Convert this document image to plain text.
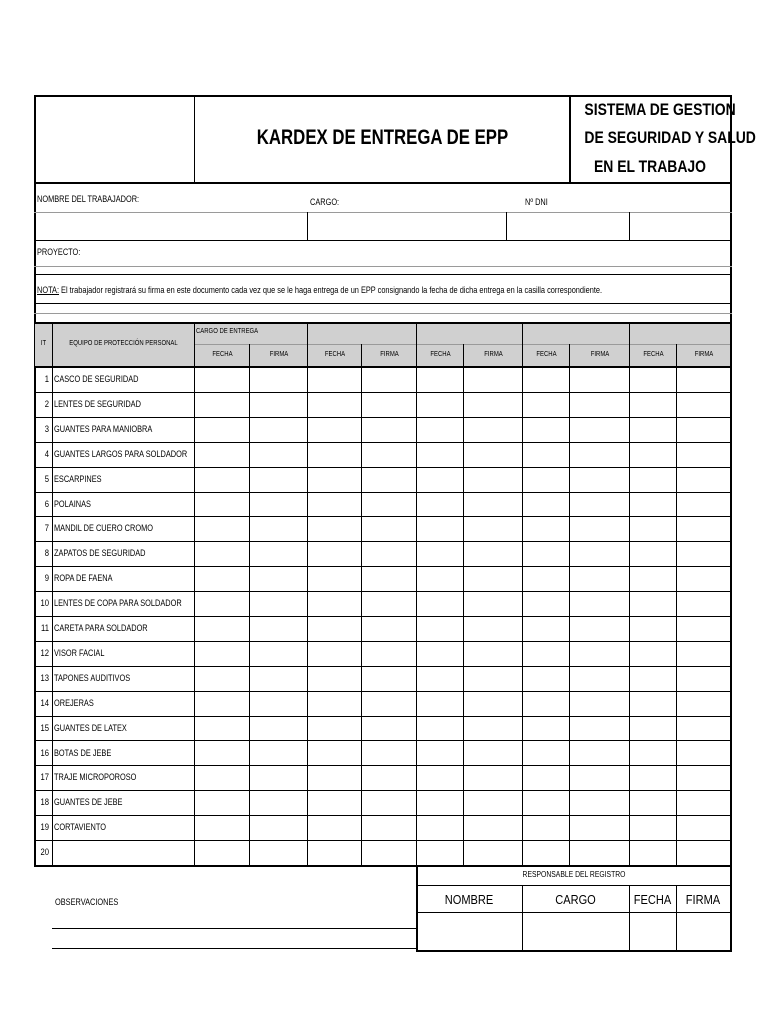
KARDEX DE ENTREGA DE EPP
SISTEMA DE GESTION
DE SEGURIDAD Y SALUD
EN EL TRABAJO
NOMBRE DEL TRABAJADOR:	CARGO:	Nº DNI
PROYECTO:
NOTA: El trabajador registrará su firma en este documento cada vez que se le haga entrega de un EPP consignando la fecha de dicha entrega en la casilla correspondiente.
IT	EQUIPO DE PROTECCIÓN PERSONAL
CARGO DE ENTREGA
FECHA	FIRMA	FECHA	FIRMA	FECHA	FIRMA	FECHA	FIRMA	FECHA	FIRMA
1 CASCO DE SEGURIDAD
2 LENTES DE SEGURIDAD
3 GUANTES PARA MANIOBRA
4 GUANTES LARGOS PARA SOLDADOR
5 ESCARPINES
6 POLAINAS
7 MANDIL DE CUERO CROMO
8 ZAPATOS DE SEGURIDAD
9 ROPA DE FAENA
10 LENTES DE COPA PARA SOLDADOR
11 CARETA PARA SOLDADOR
12 VISOR FACIAL
13 TAPONES AUDITIVOS
14 OREJERAS
15 GUANTES DE LATEX
16 BOTAS DE JEBE
17 TRAJE MICROPOROSO
18 GUANTES DE JEBE
19 CORTAVIENTO
20
OBSERVACIONES
RESPONSABLE DEL REGISTRO
NOMBRE	CARGO	FECHA	FIRMA
